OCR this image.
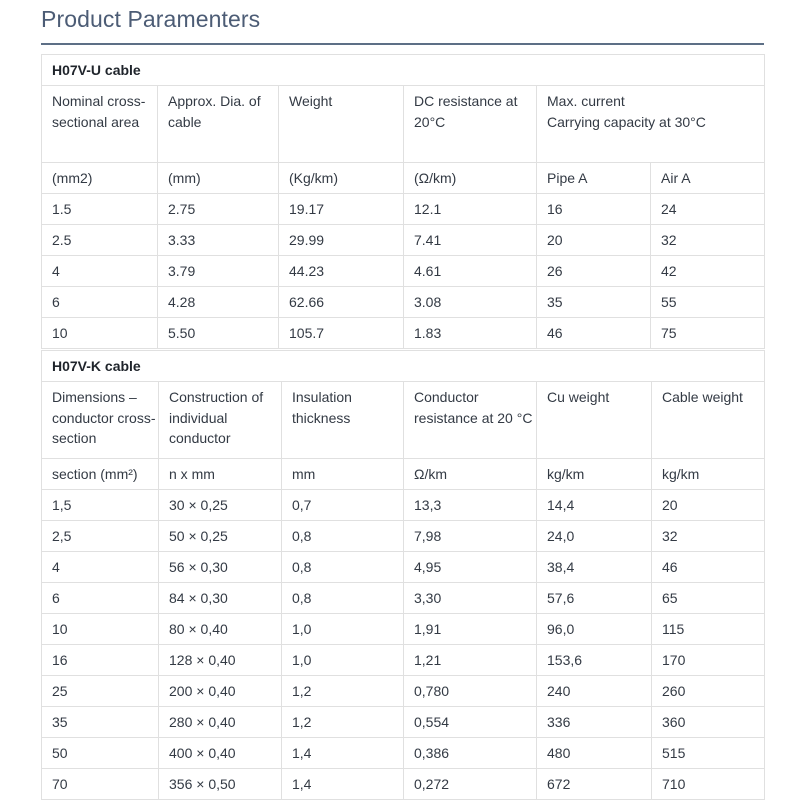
Product Paramenters
H07V-U cable					
Nominal cross-sectional area	Approx. Dia. of cable	Weight	DC resistance at 20°C	Max. current
Carrying capacity at 30°C	
(mm2)	(mm)	(Kg/km)	(Ω/km)	Pipe A	Air A
1.5	2.75	19.17	12.1	16	24
2.5	3.33	29.99	7.41	20	32
4	3.79	44.23	4.61	26	42
6	4.28	62.66	3.08	35	55
10	5.50	105.7	1.83	46	75
H07V-K cable					
Dimensions – conductor cross-section	Construction of individual conductor	Insulation thickness	Conductor resistance at 20 °C	Cu weight	Cable weight
section (mm²)	n x mm	mm	Ω/km	kg/km	kg/km
1,5	30 × 0,25	0,7	13,3	14,4	20
2,5	50 × 0,25	0,8	7,98	24,0	32
4	56 × 0,30	0,8	4,95	38,4	46
6	84 × 0,30	0,8	3,30	57,6	65
10	80 × 0,40	1,0	1,91	96,0	115
16	128 × 0,40	1,0	1,21	153,6	170
25	200 × 0,40	1,2	0,780	240	260
35	280 × 0,40	1,2	0,554	336	360
50	400 × 0,40	1,4	0,386	480	515
70	356 × 0,50	1,4	0,272	672	710
